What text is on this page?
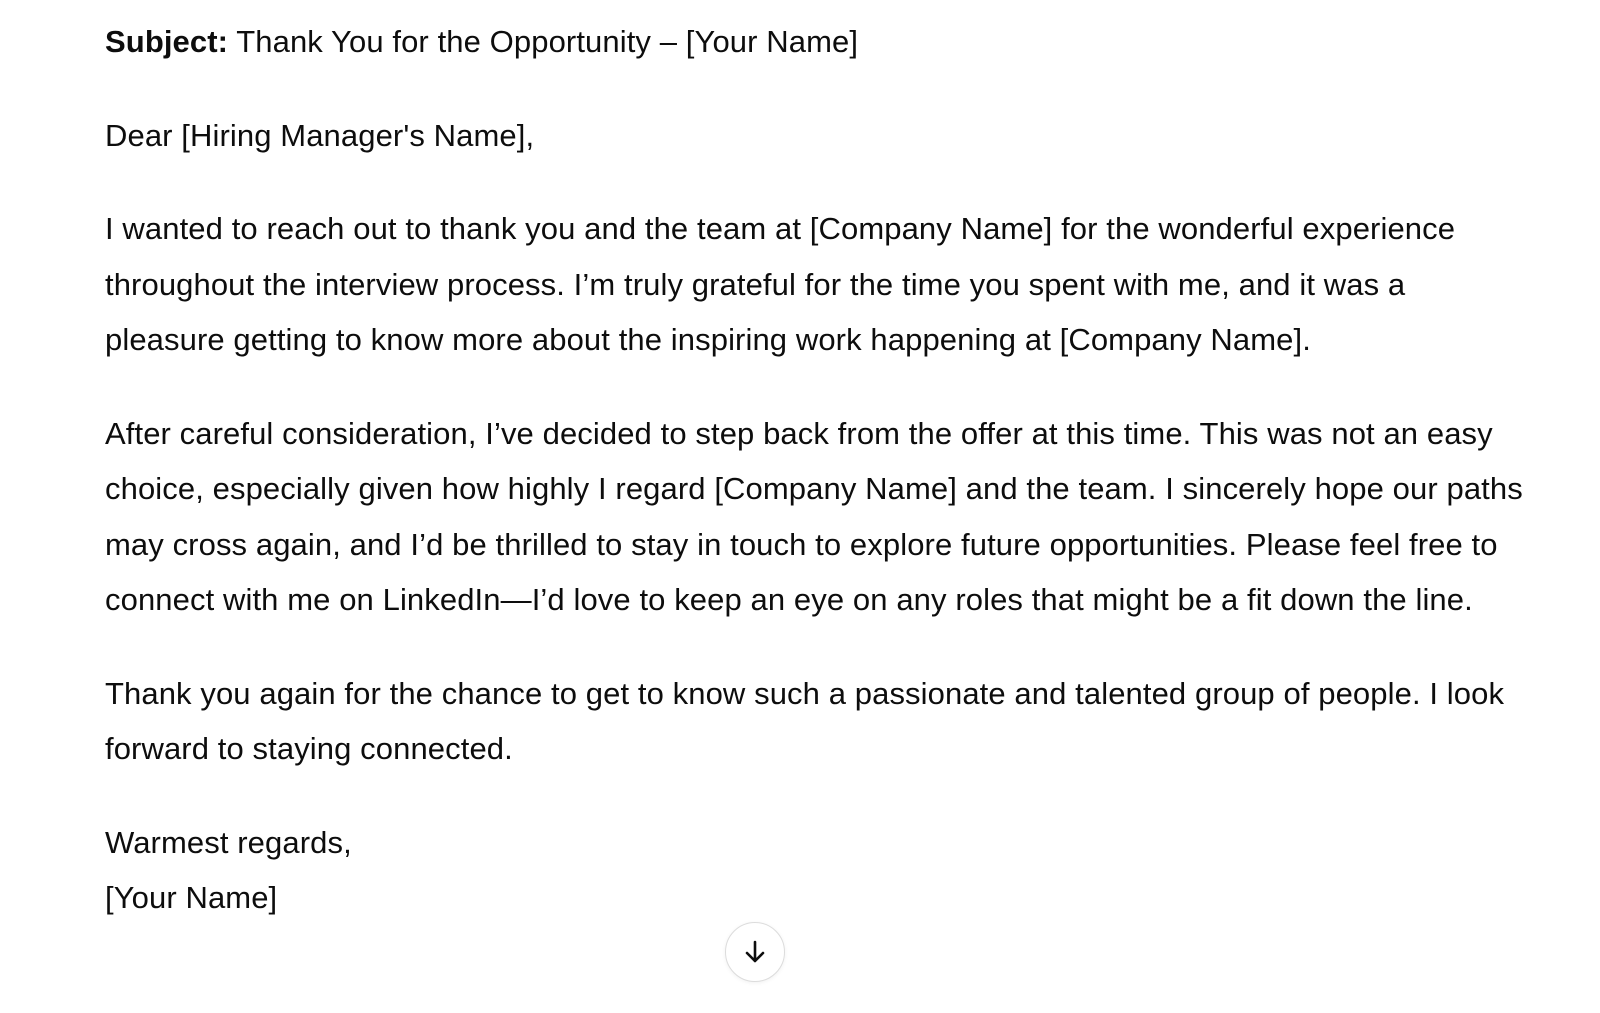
Subject: Thank You for the Opportunity – [Your Name]

Dear [Hiring Manager's Name],

I wanted to reach out to thank you and the team at [Company Name] for the wonderful experience throughout the interview process. I’m truly grateful for the time you spent with me, and it was a pleasure getting to know more about the inspiring work happening at [Company Name].

After careful consideration, I’ve decided to step back from the offer at this time. This was not an easy choice, especially given how highly I regard [Company Name] and the team. I sincerely hope our paths may cross again, and I’d be thrilled to stay in touch to explore future opportunities. Please feel free to connect with me on LinkedIn—I’d love to keep an eye on any roles that might be a fit down the line.

Thank you again for the chance to get to know such a passionate and talented group of people. I look forward to staying connected.

Warmest regards,
[Your Name]
